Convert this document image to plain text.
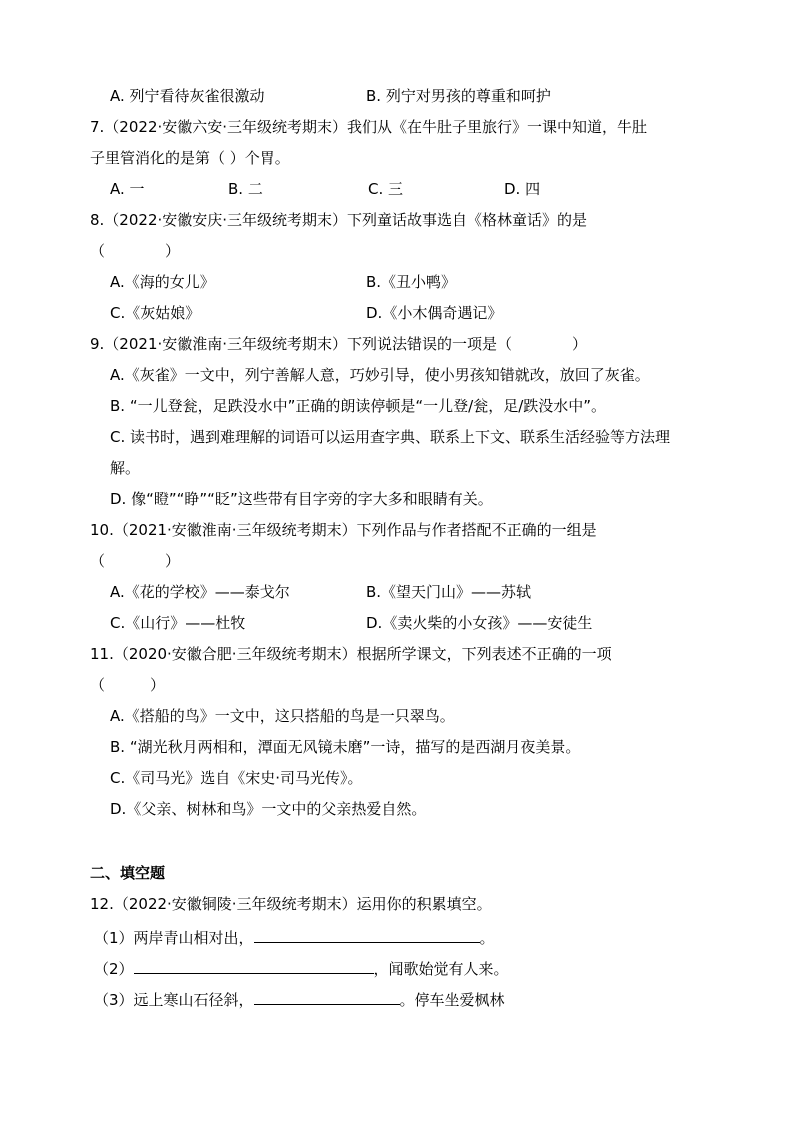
A. 列宁看待灰雀很激动	B. 列宁对男孩的尊重和呵护
7.（2022·安徽六安·三年级统考期末）我们从《在牛肚子里旅行》一课中知道，牛肚
子里管消化的是第（ ）个胃。
A. 一	B. 二	C. 三	D. 四
8.（2022·安徽安庆·三年级统考期末）下列童话故事选自《格林童话》的是
（　　　　）
A.《海的女儿》	B.《丑小鸭》
C.《灰姑娘》	D.《小木偶奇遇记》
9.（2021·安徽淮南·三年级统考期末）下列说法错误的一项是（　　　　）
A.《灰雀》一文中，列宁善解人意，巧妙引导，使小男孩知错就改，放回了灰雀。
B. “一儿登瓮，足跌没水中”正确的朗读停顿是“一儿登/瓮，足/跌没水中”。
C. 读书时，遇到难理解的词语可以运用查字典、联系上下文、联系生活经验等方法理
解。
D. 像“瞪”“睁”“眨”这些带有目字旁的字大多和眼睛有关。
10.（2021·安徽淮南·三年级统考期末）下列作品与作者搭配不正确的一组是
（　　　　）
A.《花的学校》——泰戈尔	B.《望天门山》——苏轼
C.《山行》——杜牧	D.《卖火柴的小女孩》——安徒生
11.（2020·安徽合肥·三年级统考期末）根据所学课文，下列表述不正确的一项
（　　　）
A.《搭船的鸟》一文中，这只搭船的鸟是一只翠鸟。
B. “湖光秋月两相和，潭面无风镜未磨”一诗，描写的是西湖月夜美景。
C.《司马光》选自《宋史·司马光传》。
D.《父亲、树林和鸟》一文中的父亲热爱自然。
二、填空题
12.（2022·安徽铜陵·三年级统考期末）运用你的积累填空。
（1）两岸青山相对出，	。
（2）	，闻歌始觉有人来。
（3）远上寒山石径斜，	。停车坐爱枫林
